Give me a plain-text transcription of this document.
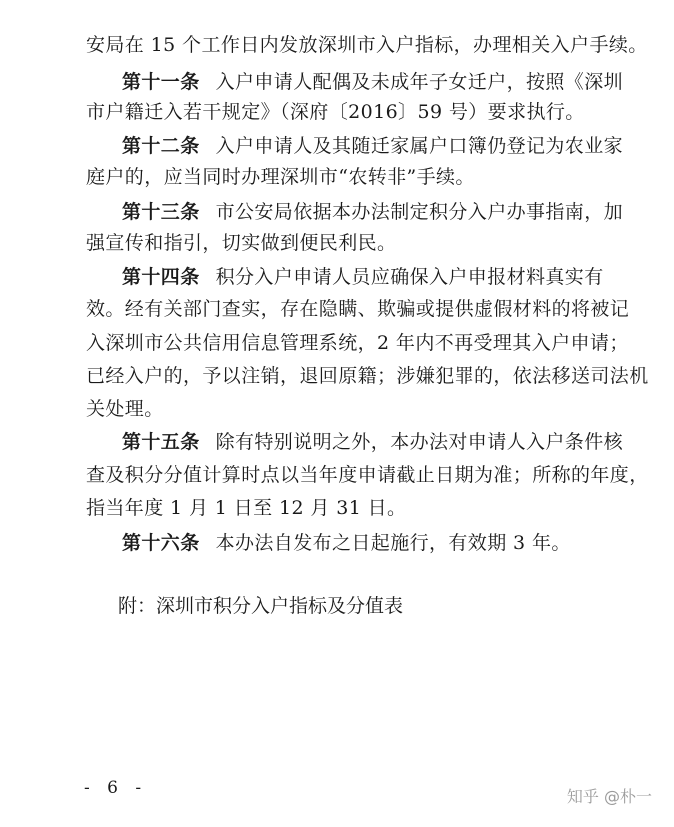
安局在 15 个工作日内发放深圳市入户指标，办理相关入户手续。
第十一条 入户申请人配偶及未成年子女迁户，按照《深圳
市户籍迁入若干规定》（深府〔2016〕59 号）要求执行。
第十二条 入户申请人及其随迁家属户口簿仍登记为农业家
庭户的，应当同时办理深圳市“农转非”手续。
第十三条 市公安局依据本办法制定积分入户办事指南，加
强宣传和指引，切实做到便民利民。
第十四条 积分入户申请人员应确保入户申报材料真实有
效。经有关部门查实，存在隐瞒、欺骗或提供虚假材料的将被记
入深圳市公共信用信息管理系统，2 年内不再受理其入户申请；
已经入户的，予以注销，退回原籍；涉嫌犯罪的，依法移送司法机
关处理。
第十五条 除有特别说明之外，本办法对申请人入户条件核
查及积分分值计算时点以当年度申请截止日期为准；所称的年度，
指当年度 1 月 1 日至 12 月 31 日。
第十六条 本办法自发布之日起施行，有效期 3 年。
附：深圳市积分入户指标及分值表
- 6 -	知乎 @朴一
